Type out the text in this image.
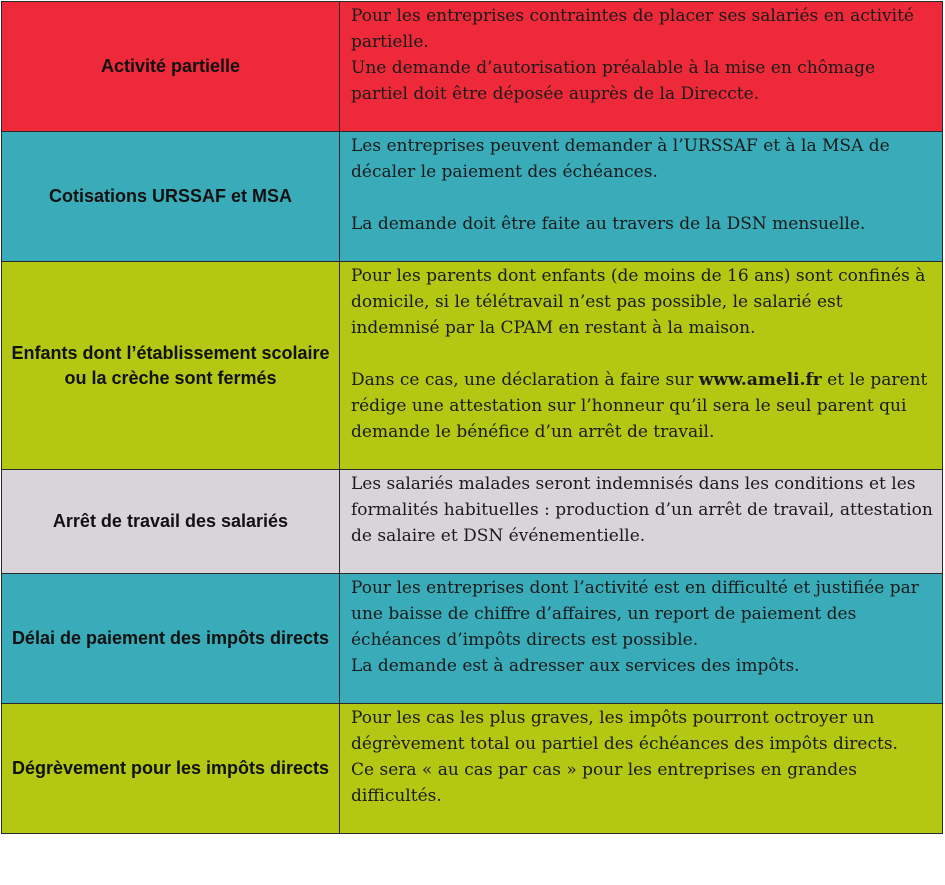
Activité partielle	Pour les entreprises contraintes de placer ses salariés en activité partielle.

Une demande d’autorisation préalable à la mise en chômage partiel doit être déposée auprès de la Direccte.

Cotisations URSSAF et MSA	Les entreprises peuvent demander à l’URSSAF et à la MSA de décaler le paiement des échéances.

La demande doit être faite au travers de la DSN mensuelle.

Enfants dont l’établissement scolaire ou la crèche sont fermés	Pour les parents dont enfants (de moins de 16 ans) sont confinés à domicile, si le télétravail n’est pas possible, le salarié est indemnisé par la CPAM en restant à la maison.

Dans ce cas, une déclaration à faire sur www.ameli.fr et le parent rédige une attestation sur l’honneur qu’il sera le seul parent qui demande le bénéfice d’un arrêt de travail.

Arrêt de travail des salariés	Les salariés malades seront indemnisés dans les conditions et les formalités habituelles : production d’un arrêt de travail, attestation de salaire et DSN événementielle.

Délai de paiement des impôts directs	Pour les entreprises dont l’activité est en difficulté et justifiée par une baisse de chiffre d’affaires, un report de paiement des échéances d’impôts directs est possible.

La demande est à adresser aux services des impôts.

Dégrèvement pour les impôts directs	Pour les cas les plus graves, les impôts pourront octroyer un dégrèvement total ou partiel des échéances des impôts directs.

Ce sera « au cas par cas » pour les entreprises en grandes difficultés.
